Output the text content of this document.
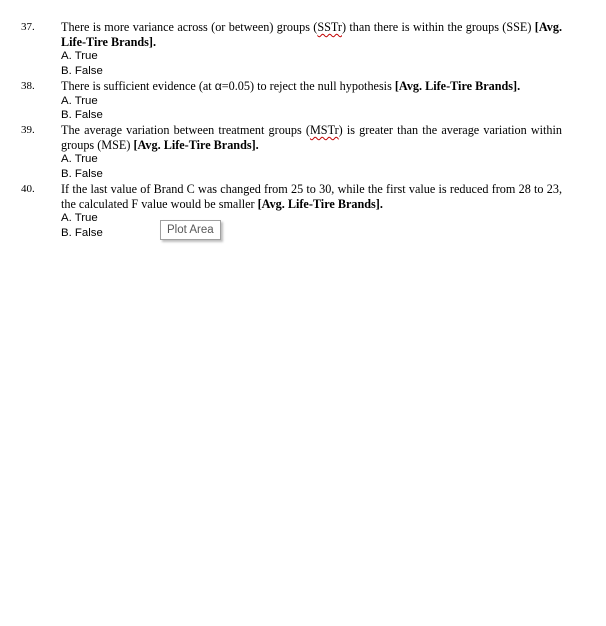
37. There is more variance across (or between) groups (SSTr) than there is within the groups (SSE) [Avg. Life-Tire Brands].
A. True
B. False
38. There is sufficient evidence (at α=0.05) to reject the null hypothesis [Avg. Life-Tire Brands].
A. True
B. False
39. The average variation between treatment groups (MSTr) is greater than the average variation within groups (MSE) [Avg. Life-Tire Brands].
A. True
B. False
40. If the last value of Brand C was changed from 25 to 30, while the first value is reduced from 28 to 23, the calculated F value would be smaller [Avg. Life-Tire Brands].
A. True
B. False	Plot Area
